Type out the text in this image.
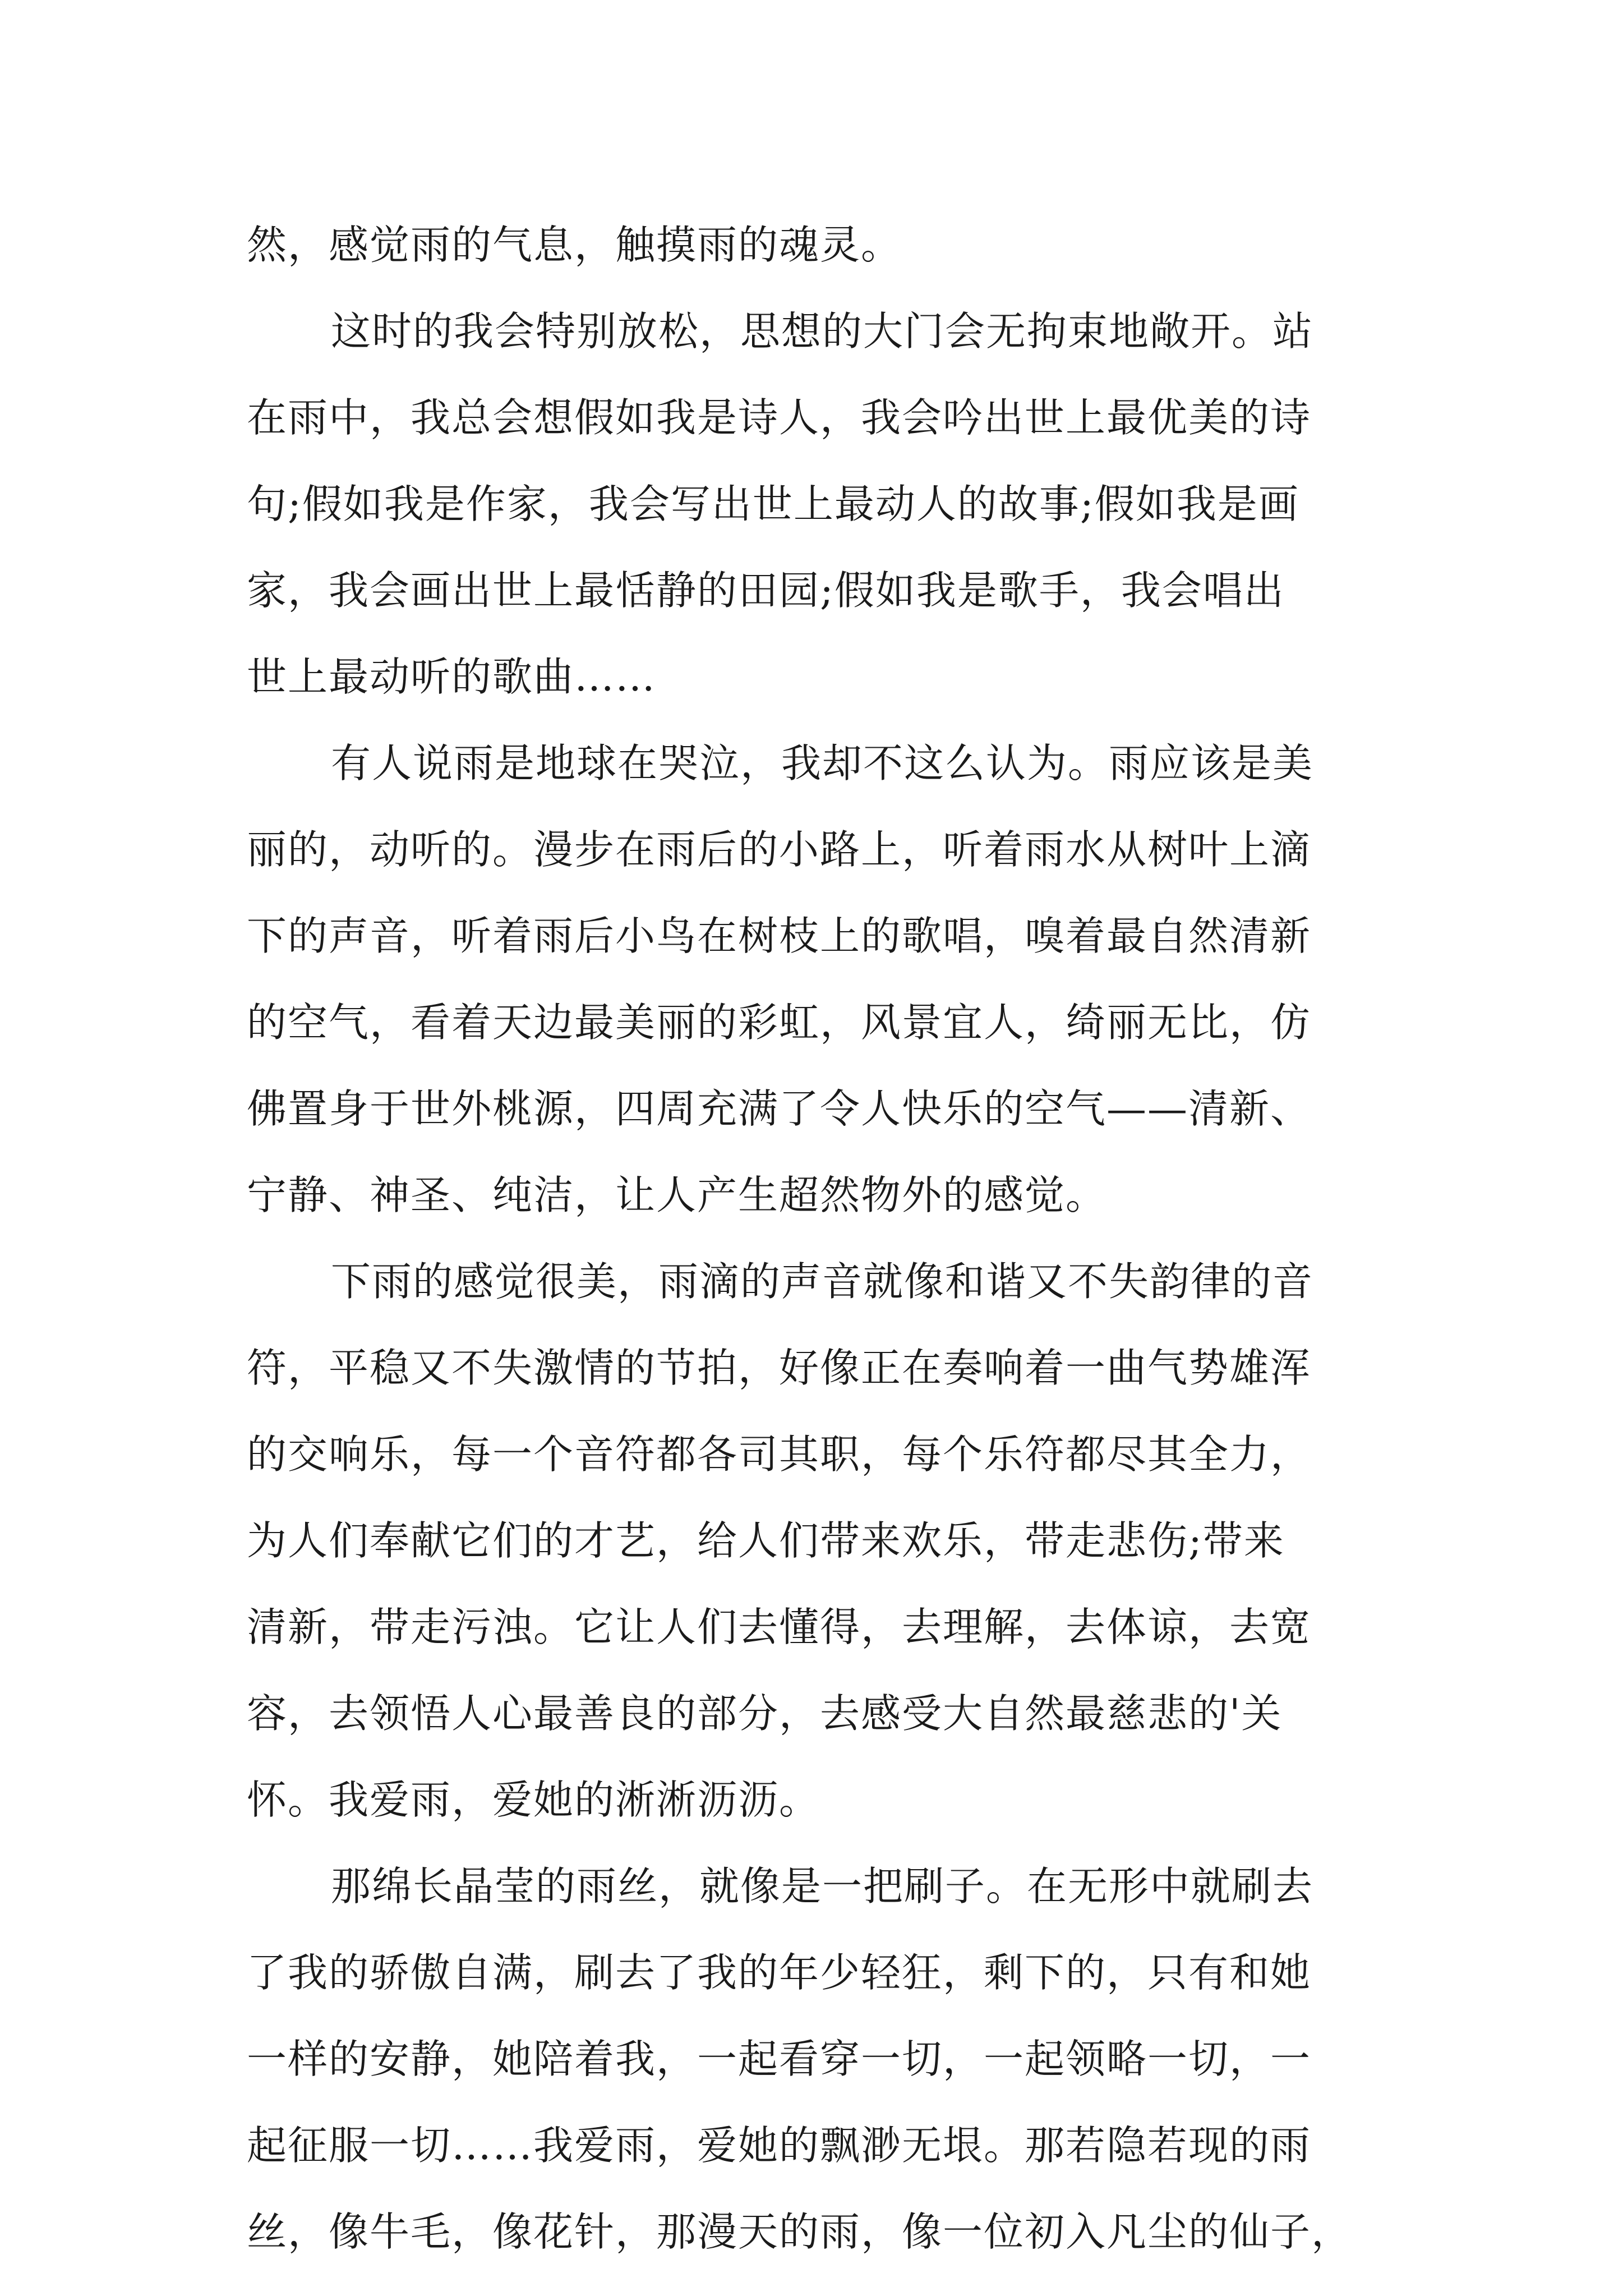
然，感觉雨的气息，触摸雨的魂灵。
这时的我会特别放松，思想的大门会无拘束地敞开。站
在雨中，我总会想假如我是诗人，我会吟出世上最优美的诗
句;假如我是作家，我会写出世上最动人的故事;假如我是画
家，我会画出世上最恬静的田园;假如我是歌手，我会唱出
世上最动听的歌曲……
有人说雨是地球在哭泣，我却不这么认为。雨应该是美
丽的，动听的。漫步在雨后的小路上，听着雨水从树叶上滴
下的声音，听着雨后小鸟在树枝上的歌唱，嗅着最自然清新
的空气，看着天边最美丽的彩虹，风景宜人，绮丽无比，仿
佛置身于世外桃源，四周充满了令人快乐的空气——清新、
宁静、神圣、纯洁，让人产生超然物外的感觉。
下雨的感觉很美，雨滴的声音就像和谐又不失韵律的音
符，平稳又不失激情的节拍，好像正在奏响着一曲气势雄浑
的交响乐，每一个音符都各司其职，每个乐符都尽其全力，
为人们奉献它们的才艺，给人们带来欢乐，带走悲伤;带来
清新，带走污浊。它让人们去懂得，去理解，去体谅，去宽
容，去领悟人心最善良的部分，去感受大自然最慈悲的'关
怀。我爱雨，爱她的淅淅沥沥。
那绵长晶莹的雨丝，就像是一把刷子。在无形中就刷去
了我的骄傲自满，刷去了我的年少轻狂，剩下的，只有和她
一样的安静，她陪着我，一起看穿一切，一起领略一切，一
起征服一切……我爱雨，爱她的飘渺无垠。那若隐若现的雨
丝，像牛毛，像花针，那漫天的雨，像一位初入凡尘的仙子，
